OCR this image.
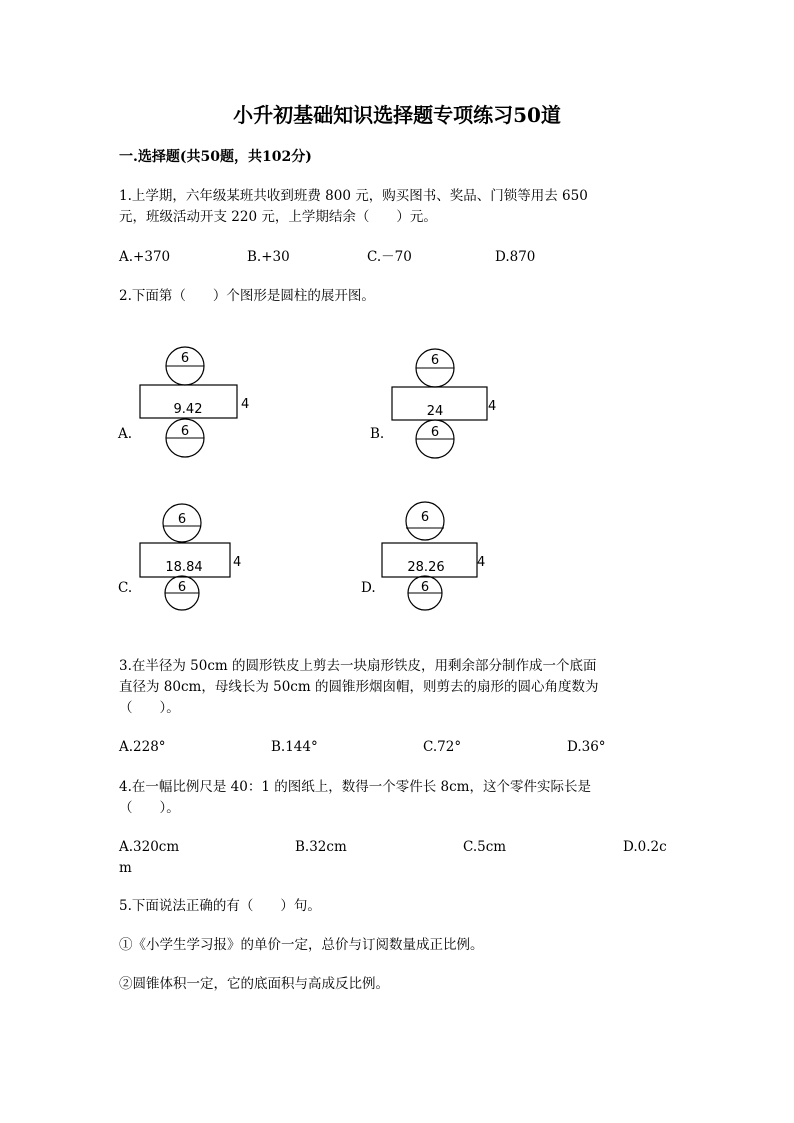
小升初基础知识选择题专项练习50道
一.选择题(共50题，共102分)
1.上学期，六年级某班共收到班费 800 元，购买图书、奖品、门锁等用去 650
元，班级活动开支 220 元，上学期结余（　　）元。
A.+370	B.+30	C.－70	D.870
2.下面第（　　）个图形是圆柱的展开图。
6
9.42	4
6
A.
6
24	4
6
B.
6
18.84 4
6
C.
6
28.26 4
6
D.
3.在半径为 50cm 的圆形铁皮上剪去一块扇形铁皮，用剩余部分制作成一个底面
直径为 80cm，母线长为 50cm 的圆锥形烟囱帽，则剪去的扇形的圆心角度数为
（　　）。
A.228°	B.144°	C.72°	D.36°
4.在一幅比例尺是 40：1 的图纸上，数得一个零件长 8cm，这个零件实际长是
（　　）。
A.320cm	B.32cm	C.5cm	D.0.2c
m
5.下面说法正确的有（　　）句。
①《小学生学习报》的单价一定，总价与订阅数量成正比例。
②圆锥体积一定，它的底面积与高成反比例。
